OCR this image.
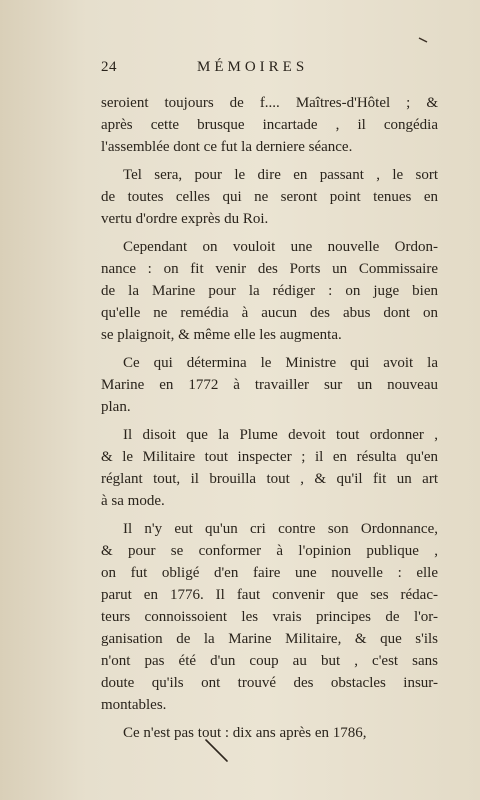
24	MÉMOIRES

seroient toujours de f.... Maîtres-d'Hôtel ; &
après cette brusque incartade , il congédia
l'assemblée dont ce fut la derniere séance.

Tel sera, pour le dire en passant , le sort
de toutes celles qui ne seront point tenues en
vertu d'ordre exprès du Roi.

Cependant on vouloit une nouvelle Ordon-
nance : on fit venir des Ports un Commissaire
de la Marine pour la rédiger : on juge bien
qu'elle ne remédia à aucun des abus dont on
se plaignoit, & même elle les augmenta.

Ce qui détermina le Ministre qui avoit la
Marine en 1772 à travailler sur un nouveau
plan.

Il disoit que la Plume devoit tout ordonner ,
& le Militaire tout inspecter ; il en résulta qu'en
réglant tout, il brouilla tout , & qu'il fit un art
à sa mode.

Il n'y eut qu'un cri contre son Ordonnance,
& pour se conformer à l'opinion publique ,
on fut obligé d'en faire une nouvelle : elle
parut en 1776. Il faut convenir que ses rédac-
teurs connoissoient les vrais principes de l'or-
ganisation de la Marine Militaire, & que s'ils
n'ont pas été d'un coup au but , c'est sans
doute qu'ils ont trouvé des obstacles insur-
montables.

Ce n'est pas tout : dix ans après en 1786,
